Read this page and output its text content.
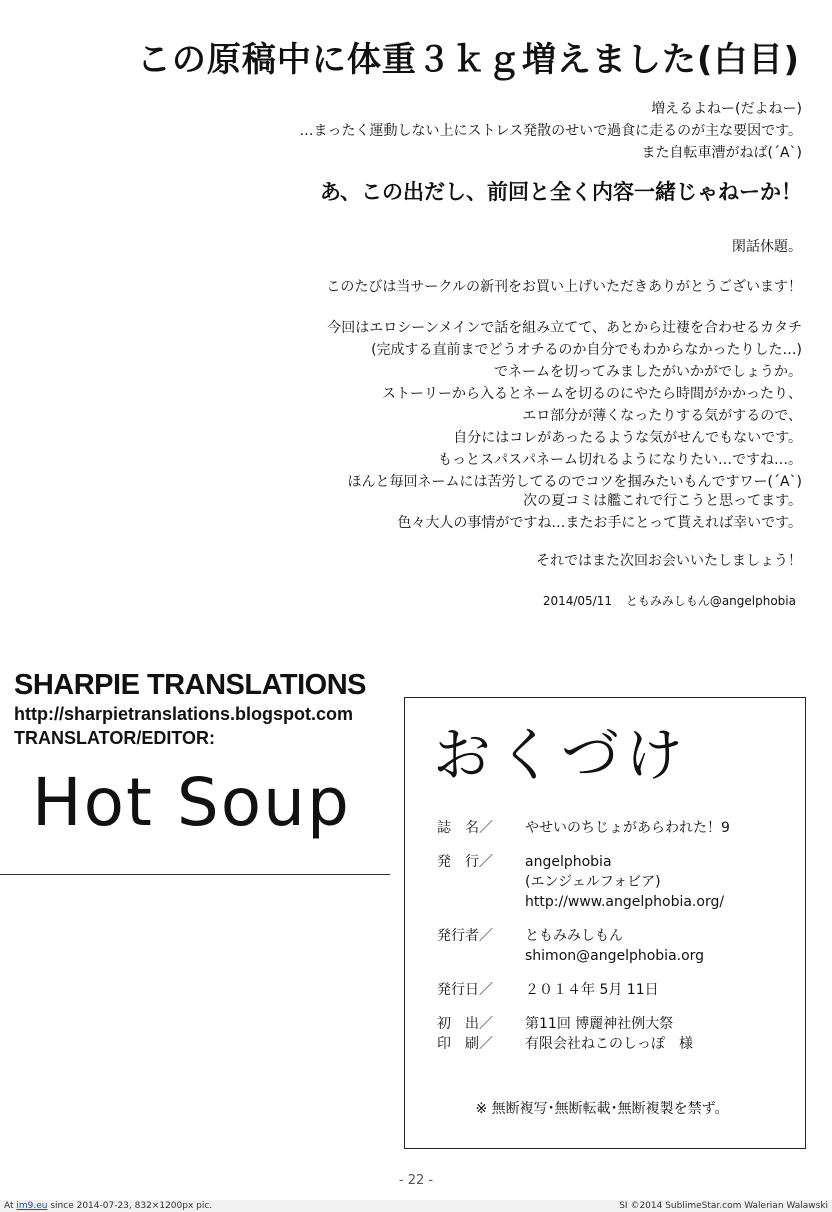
この原稿中に体重３ｋｇ増えました(白目)
増えるよねー(だよねー)
…まったく運動しない上にストレス発散のせいで過食に走るのが主な要因です。
また自転車漕がねば(´A`)
あ、この出だし、前回と全く内容一緒じゃねーか！
閑話休題。
このたびは当サークルの新刊をお買い上げいただきありがとうございます！
今回はエロシーンメインで話を組み立てて、あとから辻褄を合わせるカタチ
(完成する直前までどうオチるのか自分でもわからなかったりした…)
でネームを切ってみましたがいかがでしょうか。
ストーリーから入るとネームを切るのにやたら時間がかかったり、
エロ部分が薄くなったりする気がするので、
自分にはコレがあったるような気がせんでもないです。
もっとスパスパネーム切れるようになりたい…ですね…。
ほんと毎回ネームには苦労してるのでコツを掴みたいもんですワー(´A`)
次の夏コミは艦これで行こうと思ってます。
色々大人の事情がですね…またお手にとって貰えれば幸いです。
それではまた次回お会いいたしましょう！
2014/05/11 ともみみしもん@angelphobia
SHARPIE TRANSLATIONS
http://sharpietranslations.blogspot.com
TRANSLATOR/EDITOR:
Hot Soup
おくづけ
誌　名／	やせいのちじょがあらわれた！9
発　行／	angelphobia
(エンジェルフォビア)
http://www.angelphobia.org/
発行者／	ともみみしもん
shimon@angelphobia.org
発行日／	２０１４年 5月 11日
初　出／	第11回 博麗神社例大祭
印　刷／	有限会社ねこのしっぽ　様
※ 無断複写･無断転載･無断複製を禁ず。
- 22 -
At im9.eu since 2014-07-23, 832×1200px pic.	SI ©2014 SublimeStar.com Walerian Walawski
